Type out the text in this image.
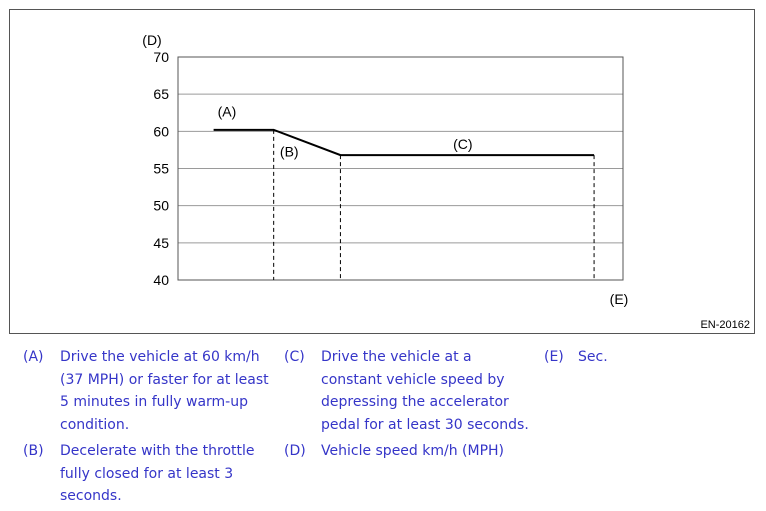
40
45
50
55
60
65
70
(A)
(B)	(C)
(D)
(E)
EN-20162
(A) Drive the vehicle at 60 km/h
(37 MPH) or faster for at least
5 minutes in fully warm-up
condition.
(B) Decelerate with the throttle
fully closed for at least 3
seconds.
(C) Drive the vehicle at a
constant vehicle speed by
depressing the accelerator
pedal for at least 30 seconds.
(D) Vehicle speed km/h (MPH)
(E) Sec.
